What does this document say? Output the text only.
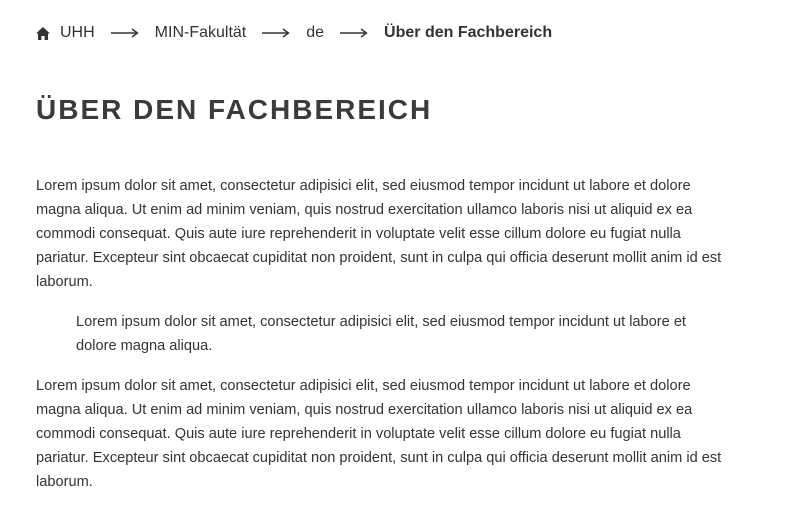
UHH	MIN-Fakultät	de	Über den Fachbereich
ÜBER DEN FACHBEREICH

Lorem ipsum dolor sit amet, consectetur adipisici elit, sed eiusmod tempor incidunt ut labore et dolore magna aliqua. Ut enim ad minim veniam, quis nostrud exercitation ullamco laboris nisi ut aliquid ex ea commodi consequat. Quis aute iure reprehenderit in voluptate velit esse cillum dolore eu fugiat nulla pariatur. Excepteur sint obcaecat cupiditat non proident, sunt in culpa qui officia deserunt mollit anim id est laborum.

Lorem ipsum dolor sit amet, consectetur adipisici elit, sed eiusmod tempor incidunt ut labore et dolore magna aliqua.

Lorem ipsum dolor sit amet, consectetur adipisici elit, sed eiusmod tempor incidunt ut labore et dolore magna aliqua. Ut enim ad minim veniam, quis nostrud exercitation ullamco laboris nisi ut aliquid ex ea commodi consequat. Quis aute iure reprehenderit in voluptate velit esse cillum dolore eu fugiat nulla pariatur. Excepteur sint obcaecat cupiditat non proident, sunt in culpa qui officia deserunt mollit anim id est laborum.
